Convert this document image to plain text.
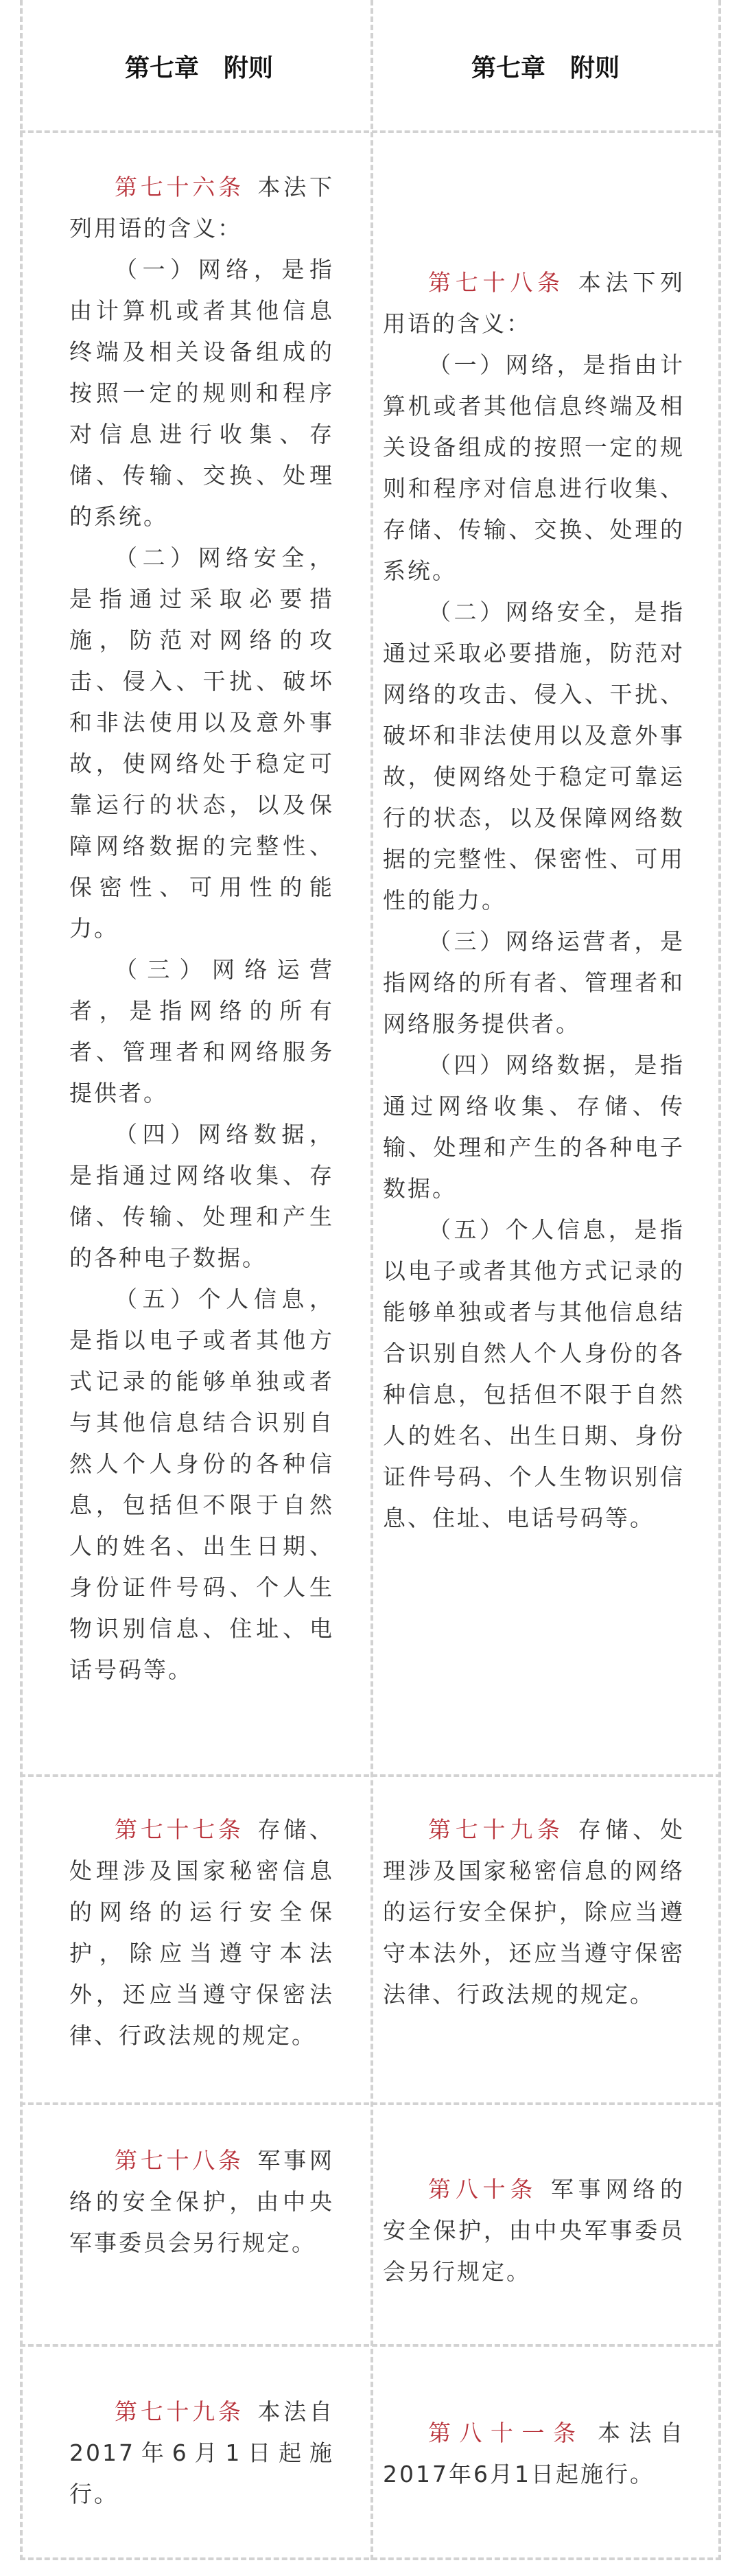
第七章　附则	第七章　附则

第七十六条 本法下列用语的含义：

（一）网络，是指由计算机或者其他信息终端及相关设备组成的按照一定的规则和程序对信息进行收集、存储、传输、交换、处理的系统。

（二）网络安全，是指通过采取必要措施，防范对网络的攻击、侵入、干扰、破坏和非法使用以及意外事故，使网络处于稳定可靠运行的状态，以及保障网络数据的完整性、保密性、可用性的能力。

（三）网络运营者，是指网络的所有者、管理者和网络服务提供者。

（四）网络数据，是指通过网络收集、存储、传输、处理和产生的各种电子数据。

（五）个人信息，是指以电子或者其他方式记录的能够单独或者与其他信息结合识别自然人个人身份的各种信息，包括但不限于自然人的姓名、出生日期、身份证件号码、个人生物识别信息、住址、电话号码等。

第七十八条 本法下列用语的含义：

（一）网络，是指由计算机或者其他信息终端及相关设备组成的按照一定的规则和程序对信息进行收集、存储、传输、交换、处理的系统。

（二）网络安全，是指通过采取必要措施，防范对网络的攻击、侵入、干扰、破坏和非法使用以及意外事故，使网络处于稳定可靠运行的状态，以及保障网络数据的完整性、保密性、可用性的能力。

（三）网络运营者，是指网络的所有者、管理者和网络服务提供者。

（四）网络数据，是指通过网络收集、存储、传输、处理和产生的各种电子数据。

（五）个人信息，是指以电子或者其他方式记录的能够单独或者与其他信息结合识别自然人个人身份的各种信息，包括但不限于自然人的姓名、出生日期、身份证件号码、个人生物识别信息、住址、电话号码等。

第七十七条 存储、处理涉及国家秘密信息的网络的运行安全保护，除应当遵守本法外，还应当遵守保密法律、行政法规的规定。

第七十九条 存储、处理涉及国家秘密信息的网络的运行安全保护，除应当遵守本法外，还应当遵守保密法律、行政法规的规定。

第七十八条 军事网络的安全保护，由中央军事委员会另行规定。

第八十条 军事网络的安全保护，由中央军事委员会另行规定。

第七十九条 本法自2017年6月1日起施行。

第八十一条 本法自2017年6月1日起施行。
